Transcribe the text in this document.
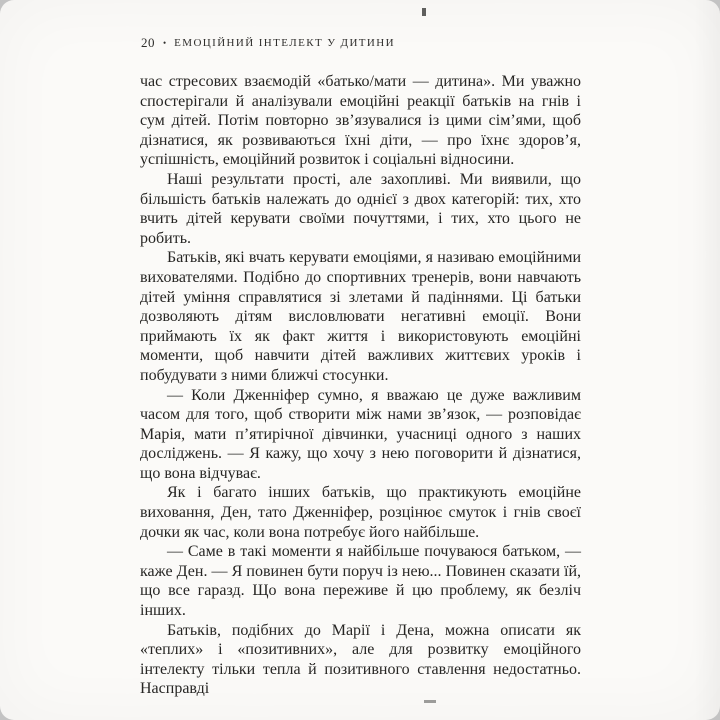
20 • ЕМОЦІЙНИЙ ІНТЕЛЕКТ У ДИТИНИ

час стресових взаємодій «батько/мати — дитина». Ми уважно спостерігали й аналізували емоційні реакції батьків на гнів і сум дітей. Потім повторно зв’язувалися із цими сім’ями, щоб дізнатися, як розвиваються їхні діти, — про їхнє здоров’я, успішність, емоційний розвиток і соціальні відносини.

Наші результати прості, але захопливі. Ми виявили, що більшість батьків належать до однієї з двох категорій: тих, хто вчить дітей керувати своїми почуттями, і тих, хто цього не робить.

Батьків, які вчать керувати емоціями, я називаю емоційними вихователями. Подібно до спортивних тренерів, вони навчають дітей уміння справлятися зі злетами й падіннями. Ці батьки дозволяють дітям висловлювати негативні емоції. Вони приймають їх як факт життя і використовують емоційні моменти, щоб навчити дітей важливих життєвих уроків і побудувати з ними ближчі стосунки.

— Коли Дженніфер сумно, я вважаю це дуже важливим часом для того, щоб створити між нами зв’язок, — розповідає Марія, мати п’ятирічної дівчинки, учасниці одного з наших досліджень. — Я кажу, що хочу з нею поговорити й дізнатися, що вона відчуває.

Як і багато інших батьків, що практикують емоційне виховання, Ден, тато Дженніфер, розцінює смуток і гнів своєї дочки як час, коли вона потребує його найбільше.

— Саме в такі моменти я найбільше почуваюся батьком, — каже Ден. — Я повинен бути поруч із нею... Повинен сказати їй, що все гаразд. Що вона переживе й цю проблему, як безліч інших.

Батьків, подібних до Марії і Дена, можна описати як «теплих» і «позитивних», але для розвитку емоційного інтелекту тільки тепла й позитивного ставлення недостатньо. Насправді
